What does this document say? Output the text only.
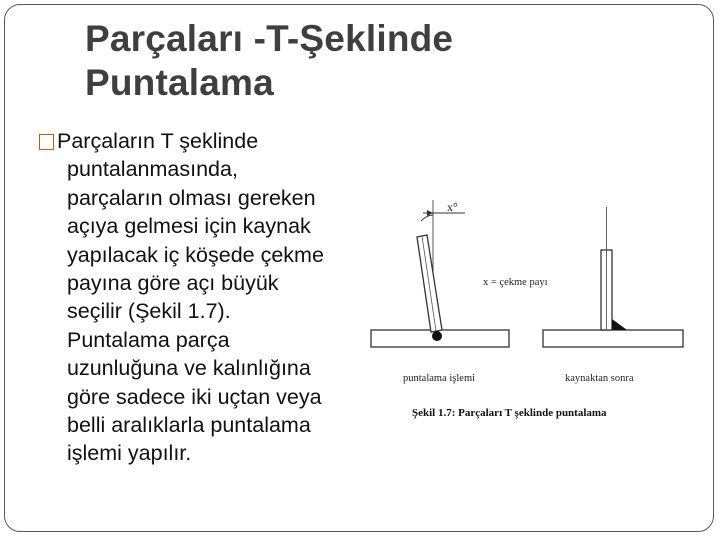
Parçaları -T-Şeklinde
Puntalama
Parçaların T şeklinde
puntalanmasında, parçaların olması gereken açıya gelmesi için kaynak yapılacak iç köşede çekme payına göre açı büyük seçilir (Şekil 1.7). Puntalama parça uzunluğuna ve kalınlığına göre sadece iki uçtan veya belli aralıklarla puntalama işlemi yapılır.
x°
x = çekme payı
puntalama işlemi	kaynaktan sonra
Şekil 1.7: Parçaları T şeklinde puntalama
